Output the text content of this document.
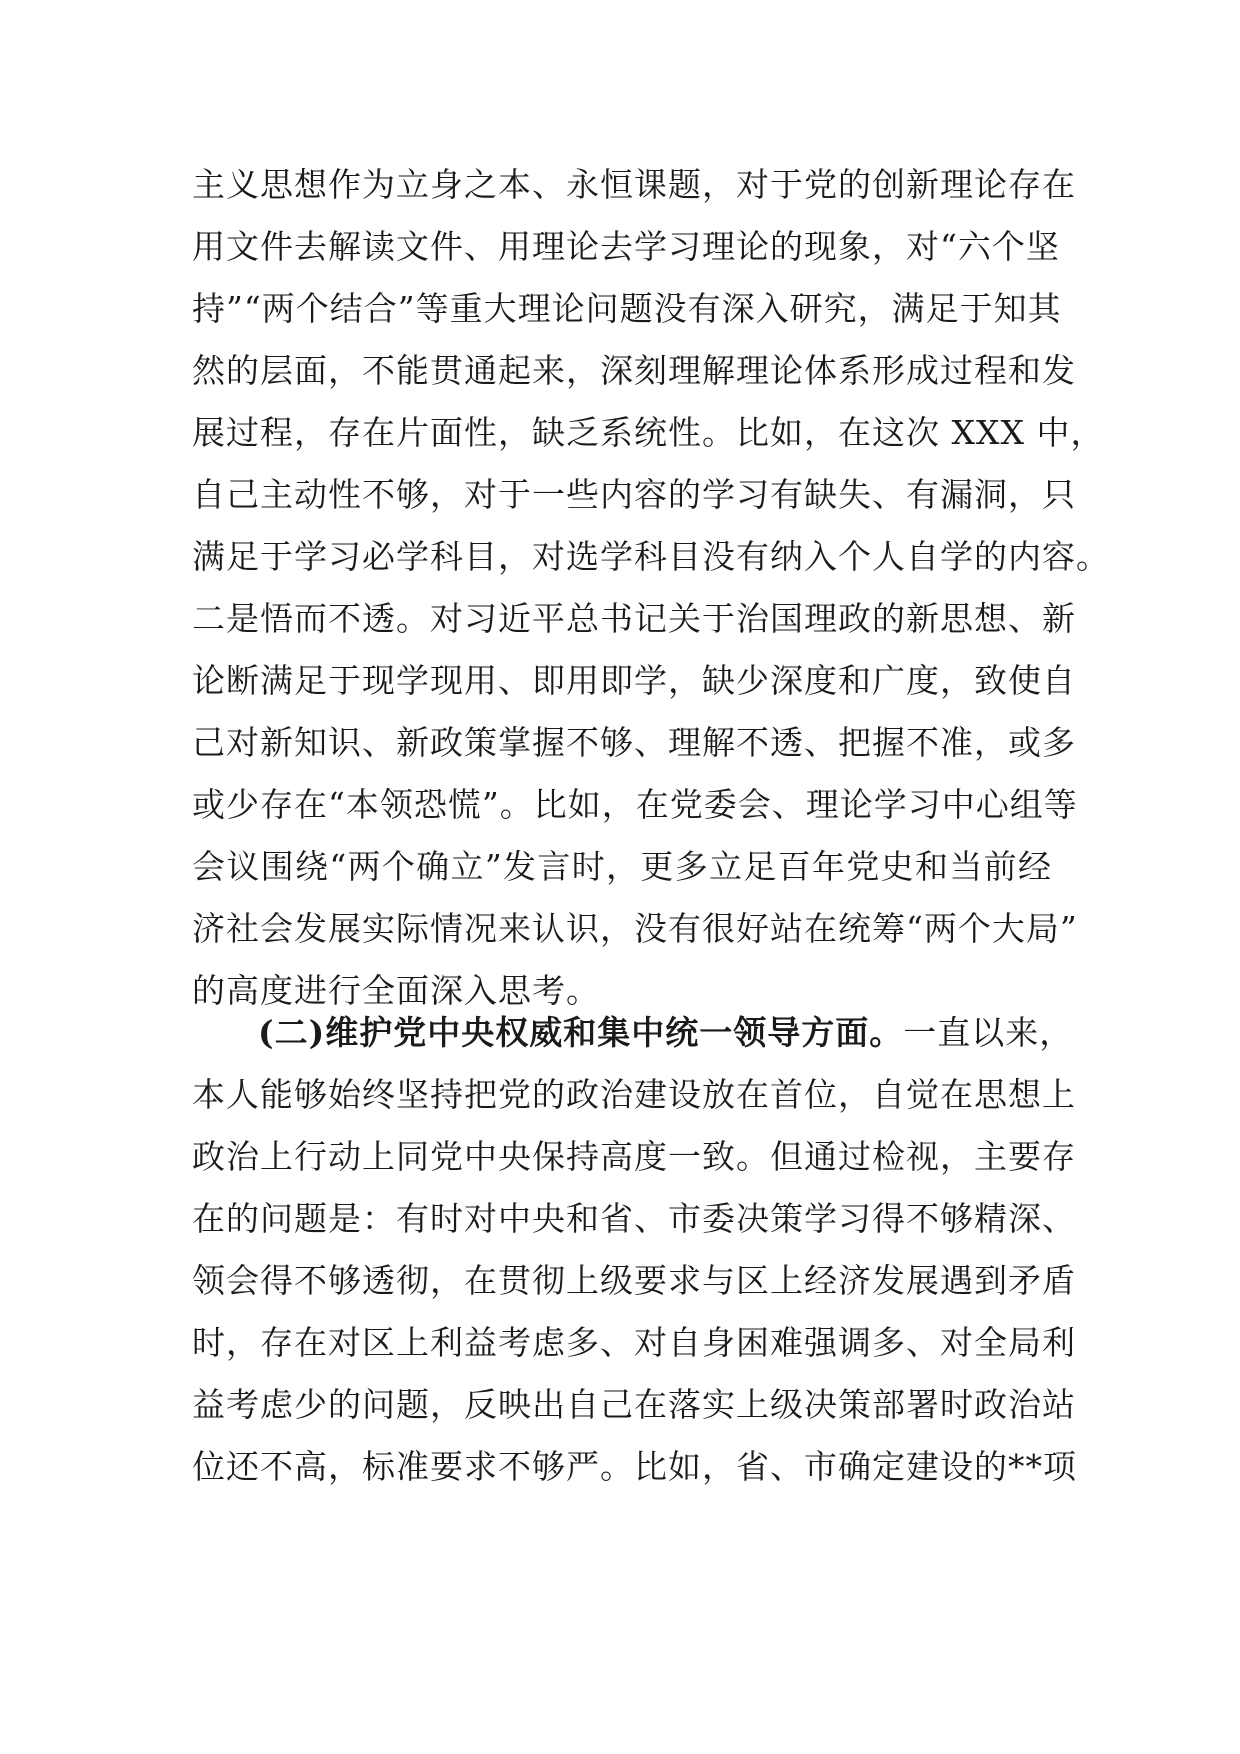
主义思想作为立身之本、永恒课题，对于党的创新理论存在
用文件去解读文件、用理论去学习理论的现象，对“六个坚
持”“两个结合”等重大理论问题没有深入研究，满足于知其
然的层面，不能贯通起来，深刻理解理论体系形成过程和发
展过程，存在片面性，缺乏系统性。比如，在这次 XXX 中，
自己主动性不够，对于一些内容的学习有缺失、有漏洞，只
满足于学习必学科目，对选学科目没有纳入个人自学的内容。
二是悟而不透。对习近平总书记关于治国理政的新思想、新
论断满足于现学现用、即用即学，缺少深度和广度，致使自
己对新知识、新政策掌握不够、理解不透、把握不准，或多
或少存在“本领恐慌”。比如，在党委会、理论学习中心组等
会议围绕“两个确立”发言时，更多立足百年党史和当前经
济社会发展实际情况来认识，没有很好站在统筹“两个大局”
的高度进行全面深入思考。
(二)维护党中央权威和集中统一领导方面。一直以来，
本人能够始终坚持把党的政治建设放在首位，自觉在思想上
政治上行动上同党中央保持高度一致。但通过检视，主要存
在的问题是：有时对中央和省、市委决策学习得不够精深、
领会得不够透彻，在贯彻上级要求与区上经济发展遇到矛盾
时，存在对区上利益考虑多、对自身困难强调多、对全局利
益考虑少的问题，反映出自己在落实上级决策部署时政治站
位还不高，标准要求不够严。比如，省、市确定建设的**项
